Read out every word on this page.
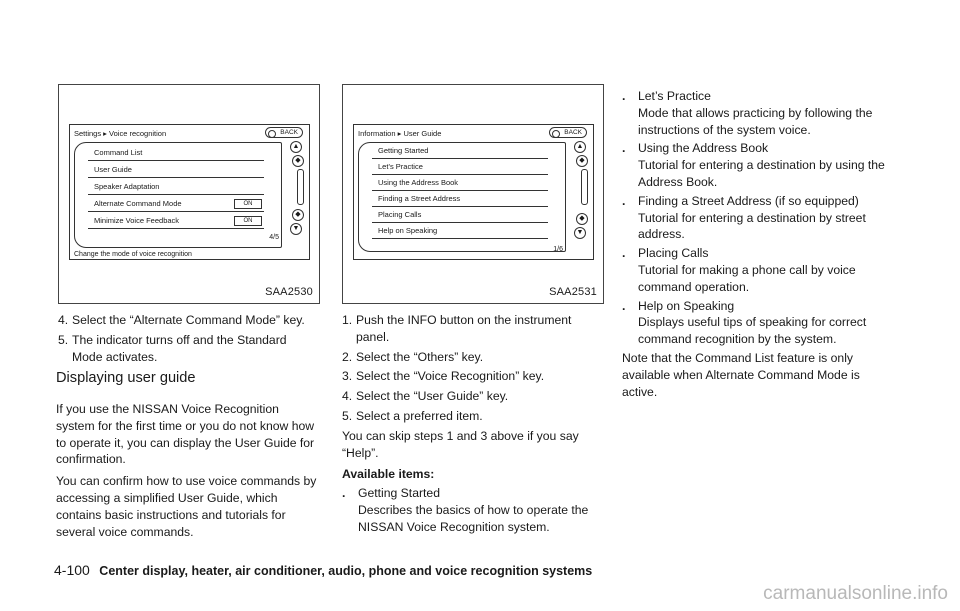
Settings ▸ Voice recognition	BACK
Command List
User Guide
Speaker Adaptation
Alternate Command Mode	ON
Minimize Voice Feedback	ON
4/5
▲
◆
◆
▼
Change the mode of voice recognition
SAA2530
4. Select the “Alternate Command Mode” key.
5. The indicator turns off and the Standard Mode activates.
Displaying user guide

If you use the NISSAN Voice Recognition system for the first time or you do not know how to operate it, you can display the User Guide for confirmation.

You can confirm how to use voice commands by accessing a simplified User Guide, which contains basic instructions and tutorials for several voice commands.

Information ▸ User Guide	BACK
Getting Started
Let’s Practice
Using the Address Book
Finding a Street Address
Placing Calls
Help on Speaking
1/6
▲
◆
◆
▼
SAA2531
1. Push the INFO button on the instrument panel.
2. Select the “Others” key.
3. Select the “Voice Recognition” key.
4. Select the “User Guide” key.
5. Select a preferred item.

You can skip steps 1 and 3 above if you say “Help”.

Available items:

.	Getting Started
Describes the basics of how to operate the NISSAN Voice Recognition system.
.	Let’s Practice
Mode that allows practicing by following the instructions of the system voice.
.	Using the Address Book
Tutorial for entering a destination by using the Address Book.
.	Finding a Street Address (if so equipped)
Tutorial for entering a destination by street address.
.	Placing Calls
Tutorial for making a phone call by voice command operation.
.	Help on Speaking
Displays useful tips of speaking for correct command recognition by the system.

Note that the Command List feature is only available when Alternate Command Mode is active.

4-100 Center display, heater, air conditioner, audio, phone and voice recognition systems
carmanualsonline.info
